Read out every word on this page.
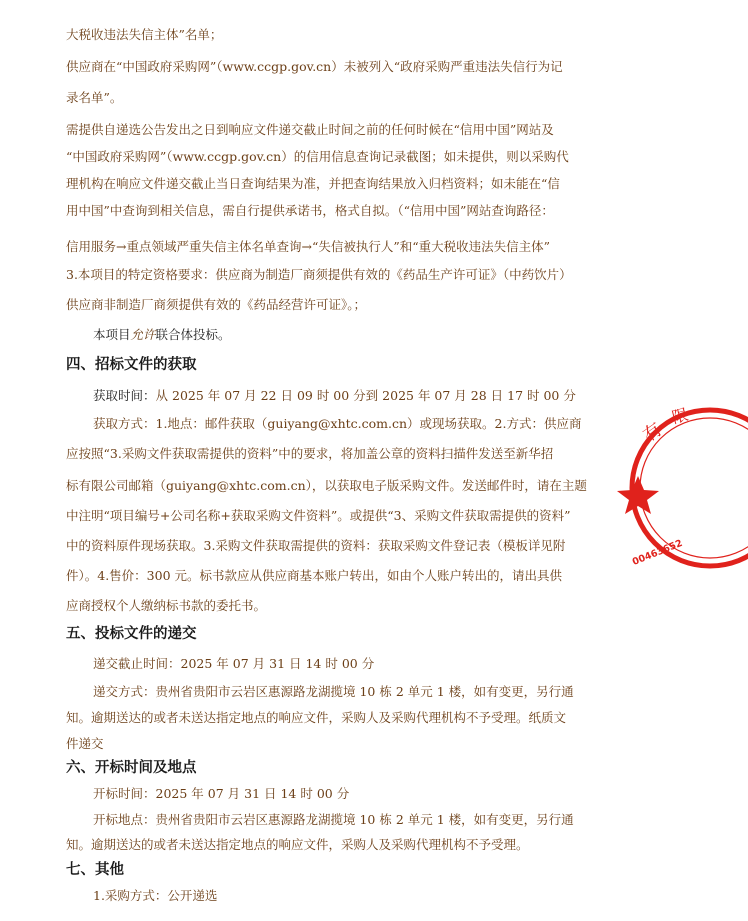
大税收违法失信主体”名单；
供应商在“中国政府采购网”（www.ccgp.gov.cn）未被列入“政府采购严重违法失信行为记
录名单”。
需提供自递选公告发出之日到响应文件递交截止时间之前的任何时候在“信用中国”网站及
“中国政府采购网”（www.ccgp.gov.cn）的信用信息查询记录截图；如未提供，则以采购代
理机构在响应文件递交截止当日查询结果为准，并把查询结果放入归档资料；如未能在“信
用中国”中查询到相关信息，需自行提供承诺书，格式自拟。（“信用中国”网站查询路径：
信用服务→重点领域严重失信主体名单查询→“失信被执行人”和“重大税收违法失信主体”
3.本项目的特定资格要求：供应商为制造厂商须提供有效的《药品生产许可证》（中药饮片）
供应商非制造厂商须提供有效的《药品经营许可证》。；
本项目允许联合体投标。
四、招标文件的获取
获取时间：从 2025 年 07 月 22 日 09 时 00 分到 2025 年 07 月 28 日 17 时 00 分
获取方式：1.地点：邮件获取（guiyang@xhtc.com.cn）或现场获取。2.方式：供应商
应按照“3.采购文件获取需提供的资料”中的要求，将加盖公章的资料扫描件发送至新华招
标有限公司邮箱（guiyang@xhtc.com.cn），以获取电子版采购文件。发送邮件时，请在主题
中注明“项目编号+公司名称+获取采购文件资料”。或提供“3、采购文件获取需提供的资料”
中的资料原件现场获取。3.采购文件获取需提供的资料：获取采购文件登记表（模板详见附
件）。4.售价：300 元。标书款应从供应商基本账户转出，如由个人账户转出的，请出具供
应商授权个人缴纳标书款的委托书。
五、投标文件的递交
递交截止时间：2025 年 07 月 31 日 14 时 00 分
递交方式：贵州省贵阳市云岩区惠源路龙湖揽境 10 栋 2 单元 1 楼，如有变更，另行通
知。逾期送达的或者未送达指定地点的响应文件，采购人及采购代理机构不予受理。纸质文
件递交
六、开标时间及地点
开标时间：2025 年 07 月 31 日 14 时 00 分
开标地点：贵州省贵阳市云岩区惠源路龙湖揽境 10 栋 2 单元 1 楼，如有变更，另行通
知。逾期送达的或者未送达指定地点的响应文件，采购人及采购代理机构不予受理。
七、其他
1.采购方式：公开递选
有
限
00463652
